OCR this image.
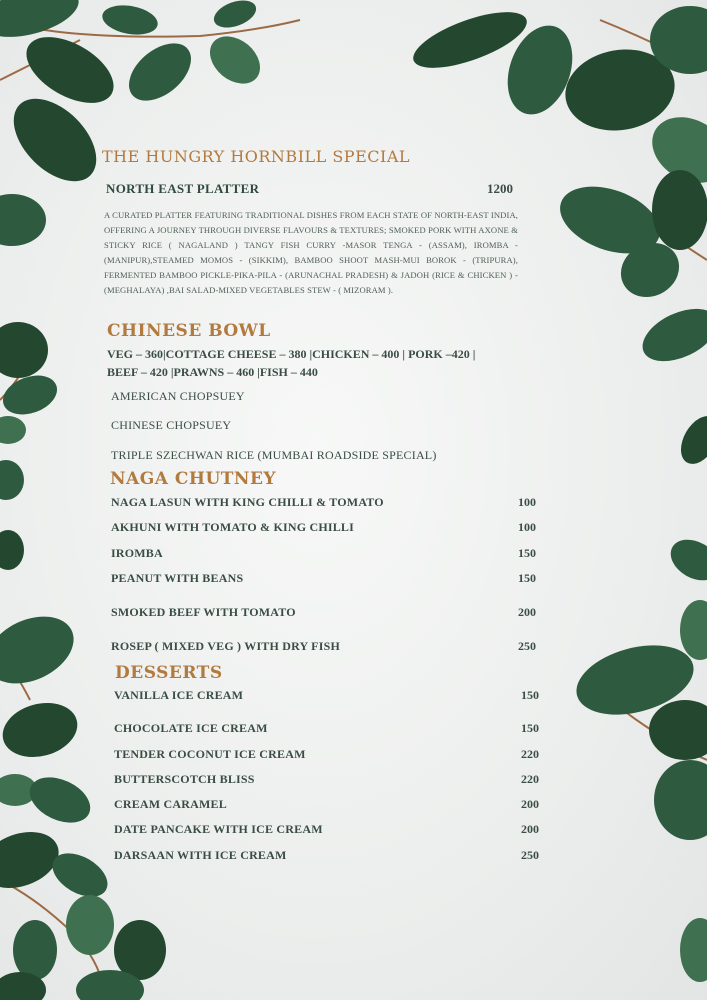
THE HUNGRY HORNBILL SPECIAL
NORTH EAST PLATTER	1200
A CURATED PLATTER FEATURING TRADITIONAL DISHES FROM EACH STATE OF NORTH-EAST INDIA, OFFERING A JOURNEY THROUGH DIVERSE FLAVOURS & TEXTURES; SMOKED PORK WITH AXONE & STICKY RICE ( NAGALAND ) TANGY FISH CURRY -MASOR TENGA - (ASSAM), IROMBA - (MANIPUR),STEAMED MOMOS - (SIKKIM), BAMBOO SHOOT MASH-MUI BOROK - (TRIPURA), FERMENTED BAMBOO PICKLE-PIKA-PILA - (ARUNACHAL PRADESH) & JADOH (RICE & CHICKEN ) - (MEGHALAYA) ,BAI SALAD-MIXED VEGETABLES STEW - ( MIZORAM ).
CHINESE BOWL
VEG – 360|COTTAGE CHEESE – 380 |CHICKEN – 400 | PORK –420 |
BEEF – 420 |PRAWNS – 460 |FISH – 440
AMERICAN CHOPSUEY
CHINESE CHOPSUEY
TRIPLE SZECHWAN RICE (MUMBAI ROADSIDE SPECIAL)
NAGA CHUTNEY
NAGA LASUN WITH KING CHILLI & TOMATO	100
AKHUNI WITH TOMATO & KING CHILLI	100
IROMBA	150
PEANUT WITH BEANS	150
SMOKED BEEF WITH TOMATO	200
ROSEP ( MIXED VEG ) WITH DRY FISH	250
DESSERTS
VANILLA ICE CREAM	150
CHOCOLATE ICE CREAM	150
TENDER COCONUT ICE CREAM	220
BUTTERSCOTCH BLISS	220
CREAM CARAMEL	200
DATE PANCAKE WITH ICE CREAM	200
DARSAAN WITH ICE CREAM	250
